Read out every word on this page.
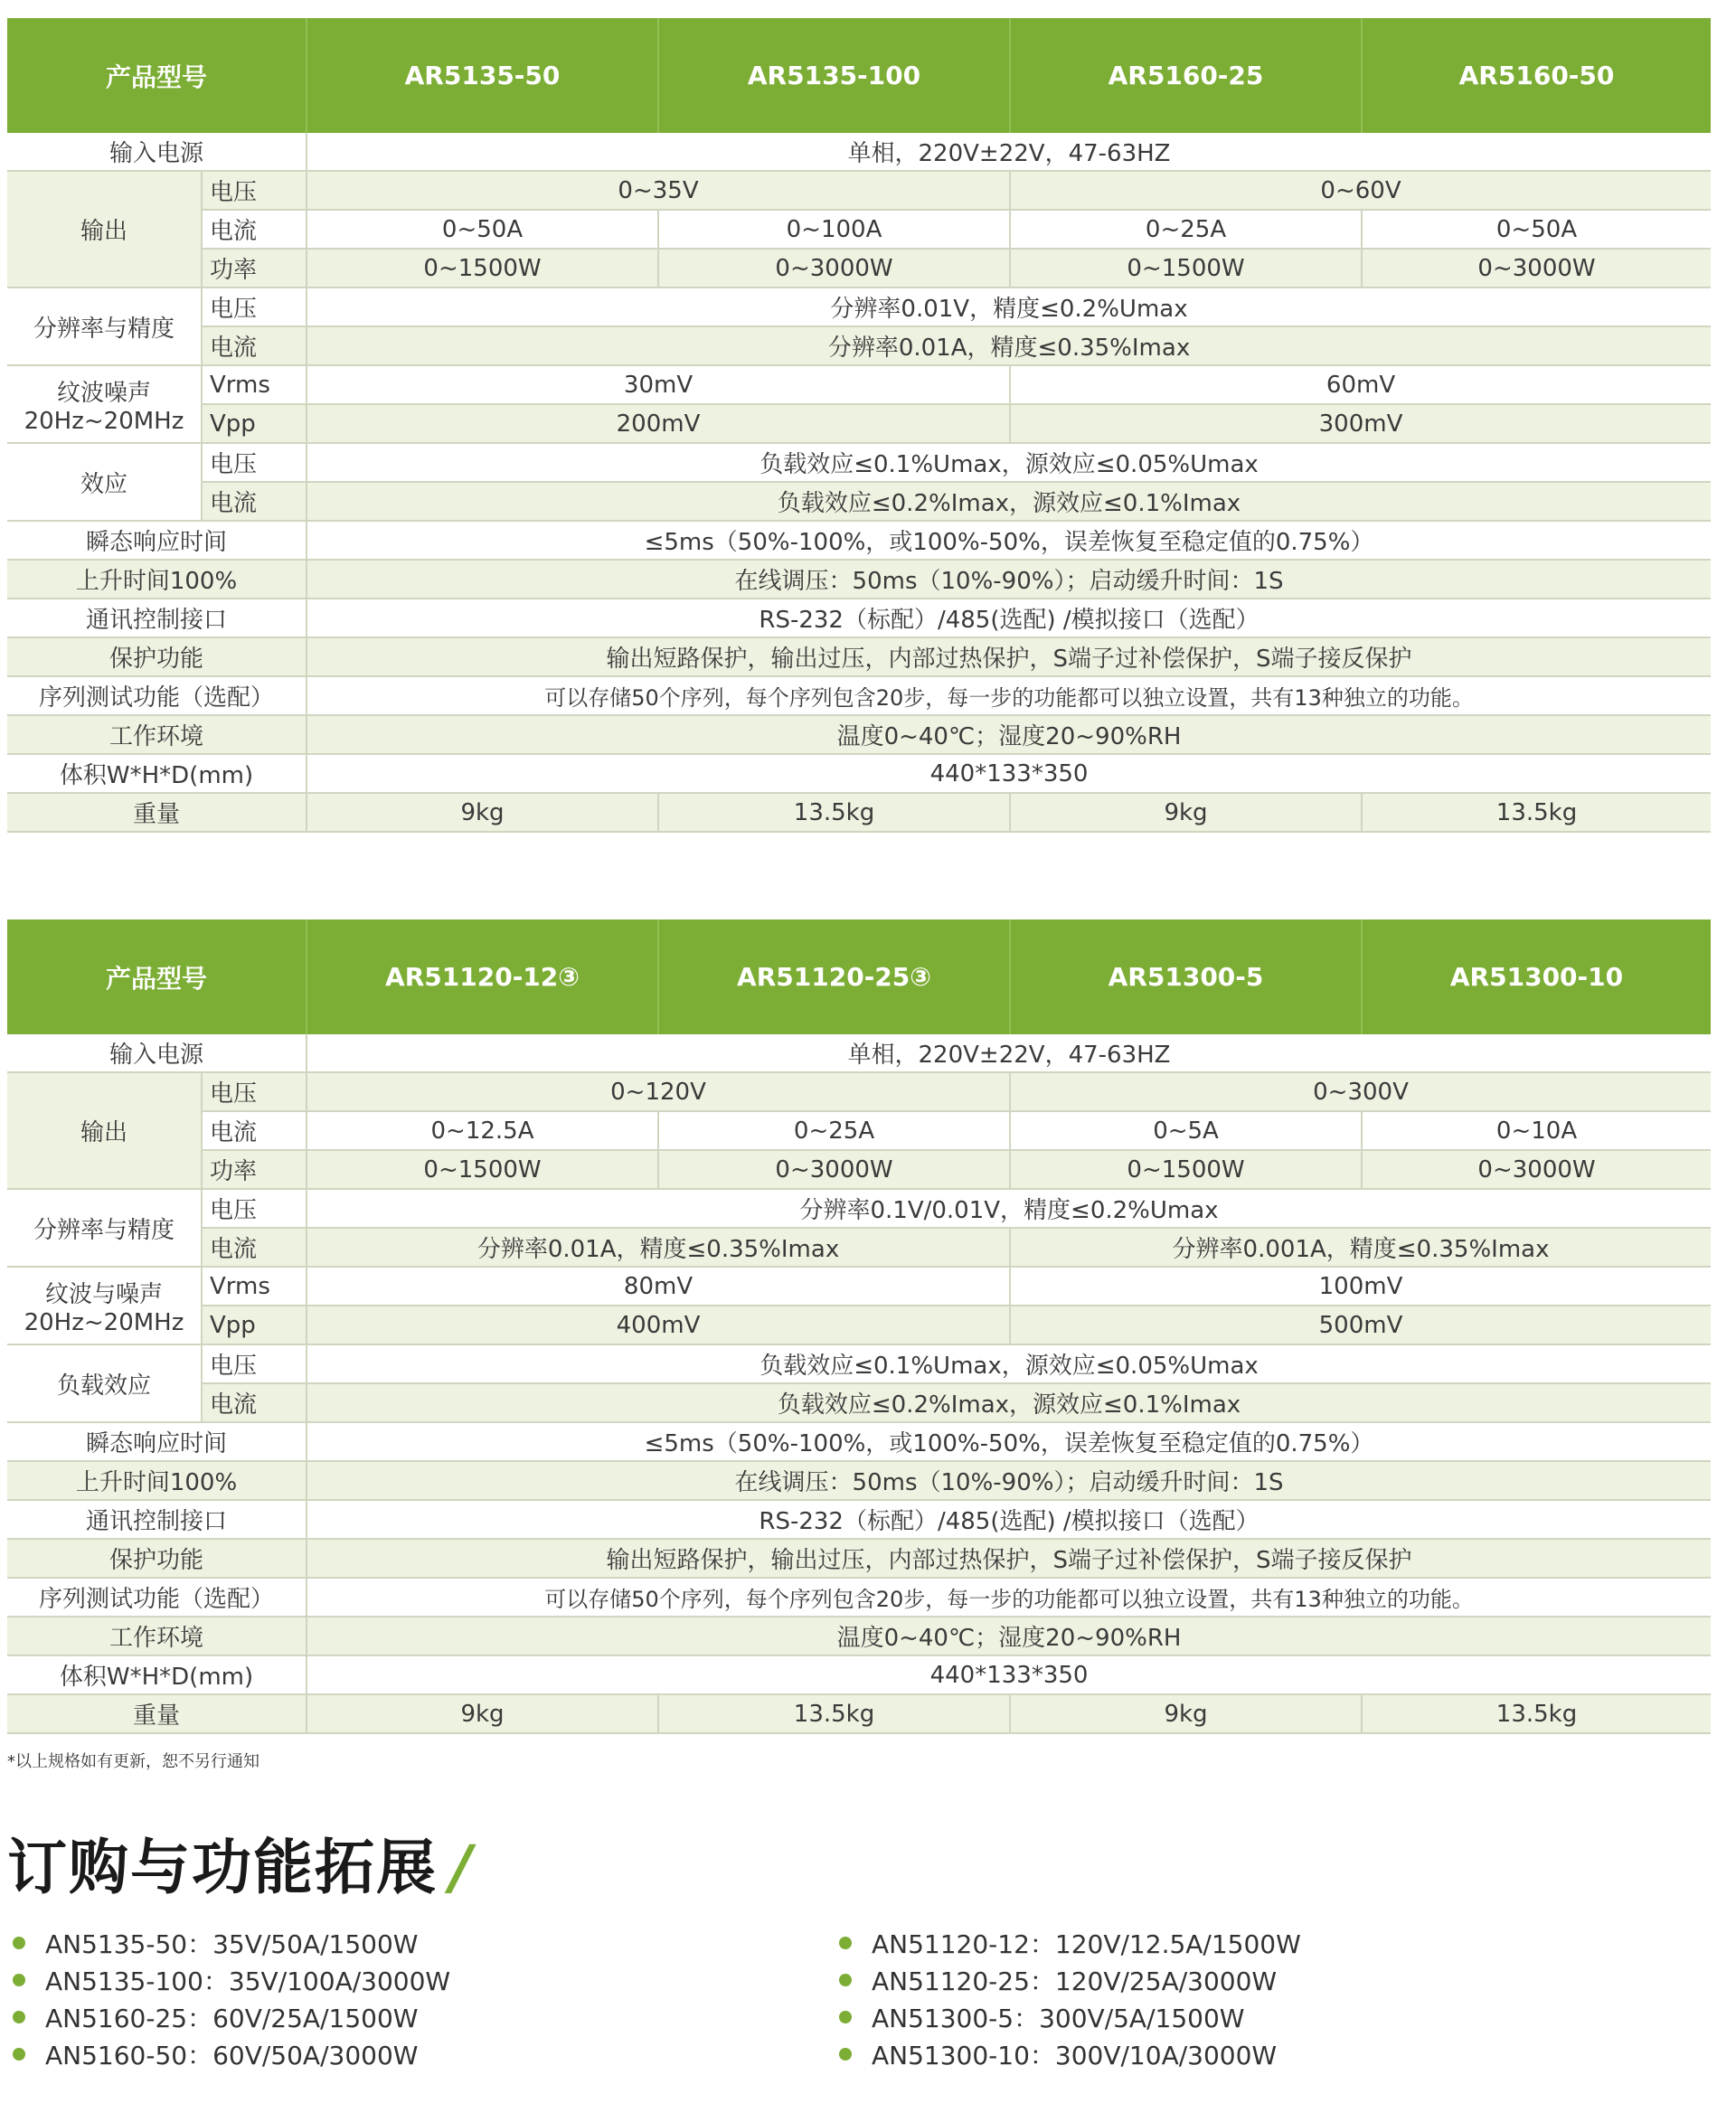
产品型号		AR5135-50	AR5135-100	AR5160-25	AR5160-50
输入电源		单相，220V±22V，47-63HZ			
输出	电压	0~35V		0~60V	
	电流	0~50A	0~100A	0~25A	0~50A
	功率	0~1500W	0~3000W	0~1500W	0~3000W
分辨率与精度	电压	分辨率0.01V，精度≤0.2%Umax			
	电流	分辨率0.01A，精度≤0.35%Imax			

纹波噪声
20Hz~20MHz	Vrms	30mV		60mV	
	Vpp	200mV		300mV	
效应	电压	负载效应≤0.1%Umax，源效应≤0.05%Umax			
	电流	负载效应≤0.2%Imax，源效应≤0.1%Imax			
瞬态响应时间		≤5ms（50%-100%，或100%-50%，误差恢复至稳定值的0.75%）			
上升时间100%		在线调压：50ms（10%-90%）；启动缓升时间：1S			
通讯控制接口		RS-232（标配）/485(选配) /模拟接口（选配）			
保护功能		输出短路保护，输出过压，内部过热保护，S端子过补偿保护，S端子接反保护			
序列测试功能（选配）		可以存储50个序列，每个序列包含20步，每一步的功能都可以独立设置，共有13种独立的功能。			
工作环境		温度0~40℃；湿度20~90%RH			
体积W*H*D(mm)		440*133*350			
重量		9kg	13.5kg	9kg	13.5kg
产品型号		AR51120-12③	AR51120-25③	AR51300-5	AR51300-10
输入电源		单相，220V±22V，47-63HZ			
输出	电压	0~120V		0~300V	
	电流	0~12.5A	0~25A	0~5A	0~10A
	功率	0~1500W	0~3000W	0~1500W	0~3000W
分辨率与精度	电压	分辨率0.1V/0.01V，精度≤0.2%Umax			
	电流	分辨率0.01A，精度≤0.35%Imax		分辨率0.001A，精度≤0.35%Imax	

纹波与噪声
20Hz~20MHz	Vrms	80mV		100mV	
	Vpp	400mV		500mV	
负载效应	电压	负载效应≤0.1%Umax，源效应≤0.05%Umax			
	电流	负载效应≤0.2%Imax，源效应≤0.1%Imax			
瞬态响应时间		≤5ms（50%-100%，或100%-50%，误差恢复至稳定值的0.75%）			
上升时间100%		在线调压：50ms（10%-90%）；启动缓升时间：1S			
通讯控制接口		RS-232（标配）/485(选配) /模拟接口（选配）			
保护功能		输出短路保护，输出过压，内部过热保护，S端子过补偿保护，S端子接反保护			
序列测试功能（选配）		可以存储50个序列，每个序列包含20步，每一步的功能都可以独立设置，共有13种独立的功能。			
工作环境		温度0~40℃；湿度20~90%RH			
体积W*H*D(mm)		440*133*350			
重量		9kg	13.5kg	9kg	13.5kg
*以上规格如有更新，恕不另行通知
订购与功能拓展 /
AN5135-50：35V/50A/1500W
AN5135-100：35V/100A/3000W
AN5160-25：60V/25A/1500W
AN5160-50：60V/50A/3000W
AN51120-12：120V/12.5A/1500W
AN51120-25：120V/25A/3000W
AN51300-5：300V/5A/1500W
AN51300-10：300V/10A/3000W
